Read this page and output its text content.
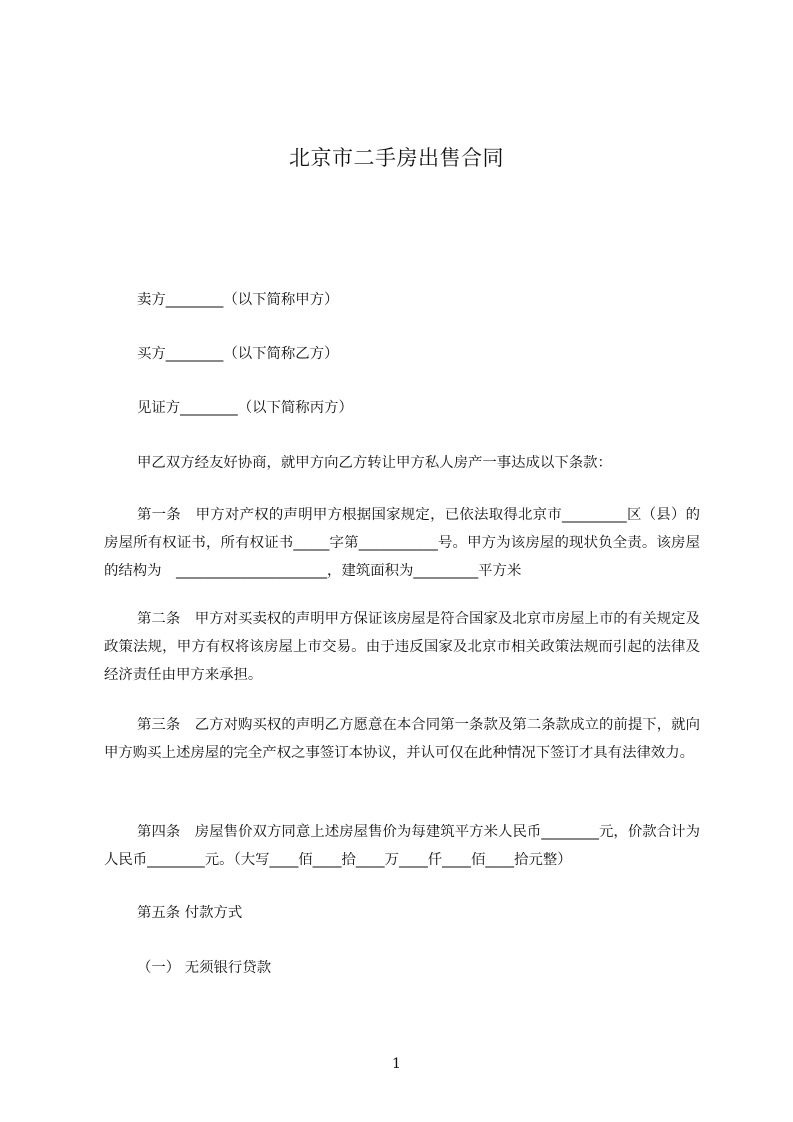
北京市二手房出售合同
卖方________（以下简称甲方）
买方________（以下简称乙方）
见证方________（以下简称丙方）
甲乙双方经友好协商，就甲方向乙方转让甲方私人房产一事达成以下条款：
第一条　甲方对产权的声明甲方根据国家规定，已依法取得北京市_________区（县）的房屋所有权证书，所有权证书_____字第___________号。甲方为该房屋的现状负全责。该房屋的结构为　_____________________，建筑面积为_________平方米
第二条　甲方对买卖权的声明甲方保证该房屋是符合国家及北京市房屋上市的有关规定及政策法规，甲方有权将该房屋上市交易。由于违反国家及北京市相关政策法规而引起的法律及经济责任由甲方来承担。
第三条　乙方对购买权的声明乙方愿意在本合同第一条款及第二条款成立的前提下，就向甲方购买上述房屋的完全产权之事签订本协议，并认可仅在此种情况下签订才具有法律效力。
第四条　房屋售价双方同意上述房屋售价为每建筑平方米人民币________元，价款合计为人民币________元。（大写____佰____拾____万____仟____佰____拾元整）
第五条 付款方式
（一） 无须银行贷款
1
